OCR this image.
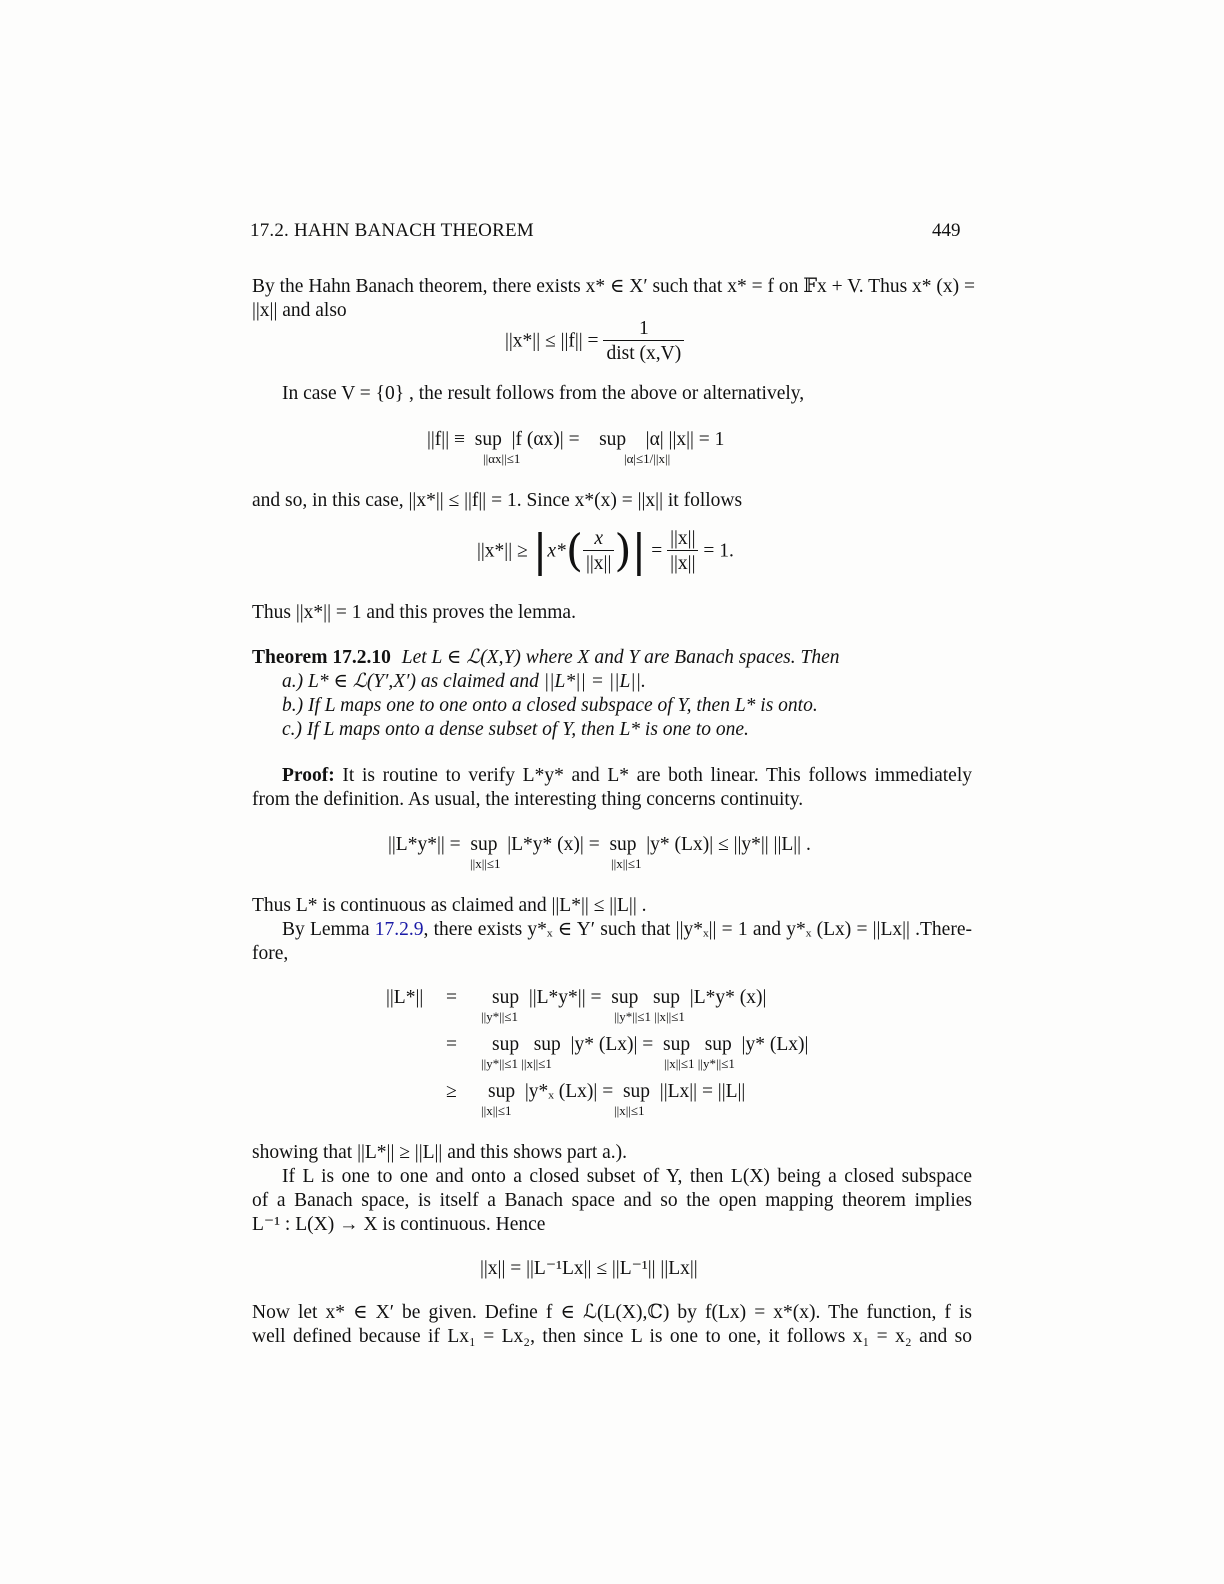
17.2. HAHN BANACH THEOREM	449
By the Hahn Banach theorem, there exists x* ∈ X′ such that x* = f on 𝔽x + V. Thus x* (x) =
||x|| and also
$||x*|| \le ||f|| = \frac{1}{\text{dist (x,V)}}$
In case V = {0} , the result follows from the above or alternatively,
||f|| ≡  sup  |f (αx)| =    sup    |α| ||x|| = 1
||αx||≤1	|α|≤1/||x||
and so, in this case, ||x*|| ≤ ||f|| = 1. Since x*(x) = ||x|| it follows
$||x*|| \ge |x*( \frac{x}{||x||}$ )| = $\frac{||x||}{||x||} = 1$.
Thus ||x*|| = 1 and this proves the lemma.
Theorem 17.2.10 Let L ∈ ℒ(X,Y) where X and Y are Banach spaces. Then
a.) L* ∈ ℒ(Y′,X′) as claimed and ||L*|| = ||L||.
b.) If L maps one to one onto a closed subspace of Y, then L* is onto.
c.) If L maps onto a dense subset of Y, then L* is one to one.
Proof: It is routine to verify L*y* and L* are both linear. This follows immediately
from the definition. As usual, the interesting thing concerns continuity.
||L*y*|| =  sup  |L*y* (x)| =  sup  |y* (Lx)| ≤ ||y*|| ||L|| .
||x||≤1	||x||≤1
Thus L* is continuous as claimed and ||L*|| ≤ ||L|| .
By Lemma 17.2.9, there exists y*ₓ ∈ Y′ such that ||y*ₓ|| = 1 and y*ₓ (Lx) = ||Lx|| .There-
fore,
||L*|| = sup  ||L*y*|| =  sup   sup  |L*y* (x)|
||y*||≤1	||y*||≤1 ||x||≤1
= sup   sup  |y* (Lx)| =  sup   sup  |y* (Lx)|
||y*||≤1 ||x||≤1	||x||≤1 ||y*||≤1
≥ sup  |y*ₓ (Lx)| =  sup  ||Lx|| = ||L||
||x||≤1	||x||≤1
showing that ||L*|| ≥ ||L|| and this shows part a.).
If L is one to one and onto a closed subset of Y, then L(X) being a closed subspace
of a Banach space, is itself a Banach space and so the open mapping theorem implies
L⁻¹ : L(X) → X is continuous. Hence
||x|| = ||L⁻¹Lx|| ≤ ||L⁻¹|| ||Lx||
Now let x* ∈ X′ be given. Define f ∈ ℒ(L(X),ℂ) by f(Lx) = x*(x). The function, f is
well defined because if Lx₁ = Lx₂, then since L is one to one, it follows x₁ = x₂ and so
